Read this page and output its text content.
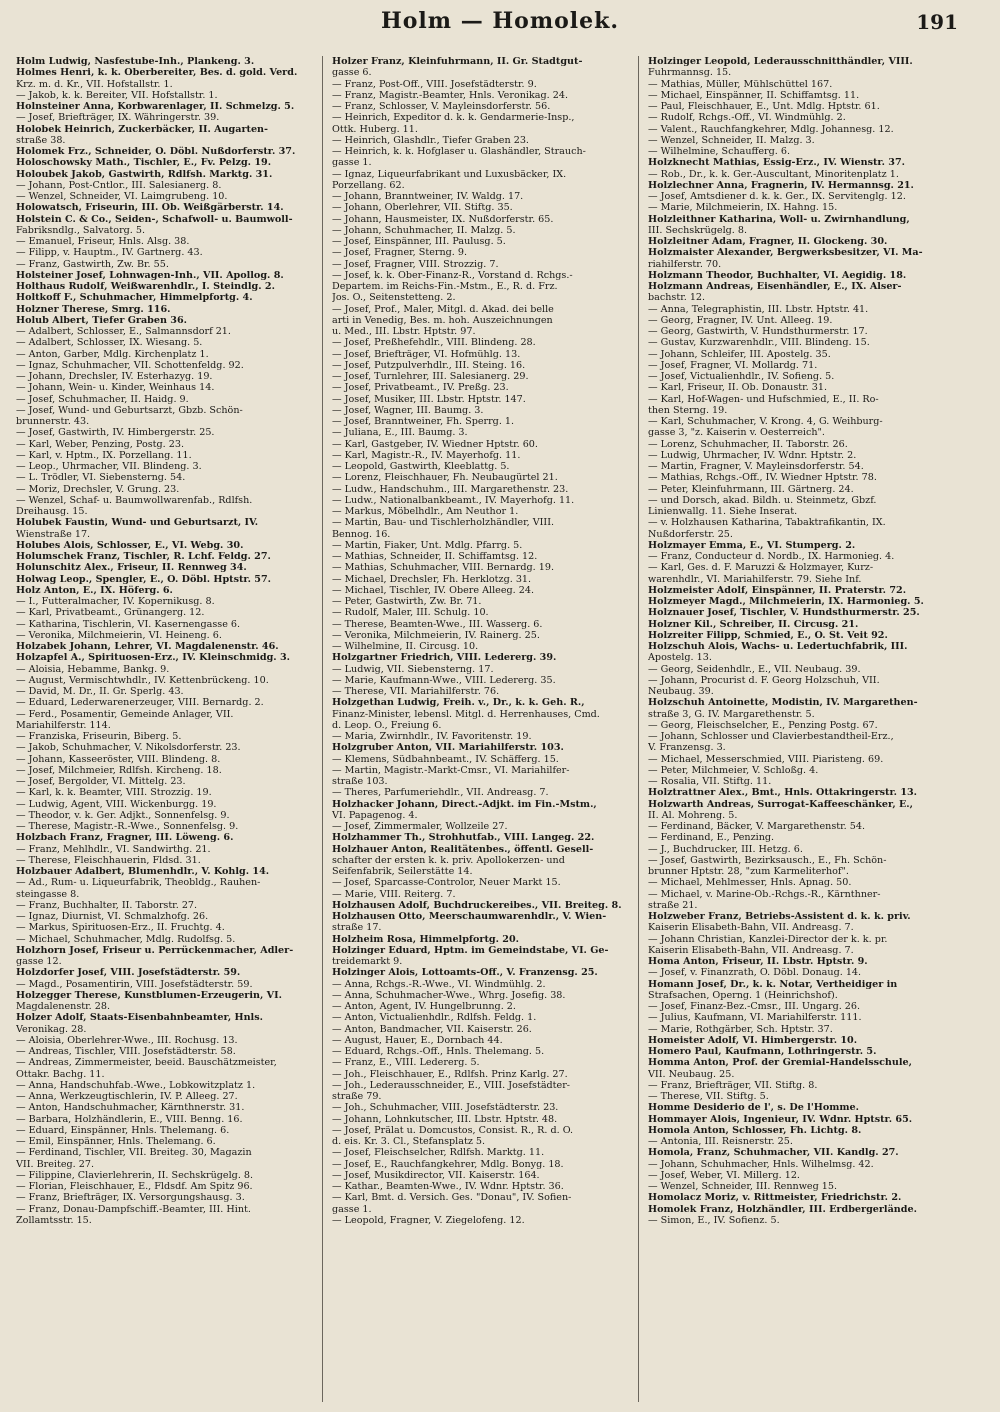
Holm — Homolek.	191
Holm Ludwig, Nasfestube-Inh., Plankeng. 3.
Holmes Henri, k. k. Oberbereiter, Bes. d. gold. Verd.
Krz. m. d. Kr., VII. Hofstallstr. 1.
— Jakob, k. k. Bereiter, VII. Hofstallstr. 1.
Holnsteiner Anna, Korbwarenlager, II. Schmelzg. 5.
— Josef, Briefträger, IX. Währingerstr. 39.
Holobek Heinrich, Zuckerbäcker, II. Augarten-
straße 38.
Holomek Frz., Schneider, O. Döbl. Nußdorferstr. 37.
Holoschowsky Math., Tischler, E., Fv. Pelzg. 19.
Holoubek Jakob, Gastwirth, Rdlfsh. Marktg. 31.
— Johann, Post-Cntlor., III. Salesianerg. 8.
— Wenzel, Schneider, VI. Laimgrubeng. 10.
Holowatsch, Friseurin, III. Ob. Weißgärberstr. 14.
Holstein C. & Co., Seiden-, Schafwoll- u. Baumwoll-
Fabriksndlg., Salvatorg. 5.
— Emanuel, Friseur, Hnls. Alsg. 38.
— Filipp, v. Hauptm., IV. Gartnerg. 43.
— Franz, Gastwirth, Zw. Br. 55.
Holsteiner Josef, Lohnwagen-Inh., VII. Apollog. 8.
Holthaus Rudolf, Weißwarenhdlr., I. Steindlg. 2.
Holtkoff F., Schuhmacher, Himmelpfortg. 4.
Holzner Therese, Smrg. 116.
Holub Albert, Tiefer Graben 36.
— Adalbert, Schlosser, E., Salmannsdorf 21.
— Adalbert, Schlosser, IX. Wiesang. 5.
— Anton, Garber, Mdlg. Kirchenplatz 1.
— Ignaz, Schuhmacher, VII. Schottenfeldg. 92.
— Johann, Drechsler, IV. Esterhazyg. 19.
— Johann, Wein- u. Kinder, Weinhaus 14.
— Josef, Schuhmacher, II. Haidg. 9.
— Josef, Wund- und Geburtsarzt, Gbzb. Schön-
brunnerstr. 43.
— Josef, Gastwirth, IV. Himbergerstr. 25.
— Karl, Weber, Penzing, Postg. 23.
— Karl, v. Hptm., IX. Porzellang. 11.
— Leop., Uhrmacher, VII. Blindeng. 3.
— L. Trödler, VI. Siebensterng. 54.
— Moriz, Drechsler, V. Grung. 23.
— Wenzel, Schaf- u. Baumwollwarenfab., Rdlfsh.
Dreihausg. 15.
Holubek Faustin, Wund- und Geburtsarzt, IV.
Wienstraße 17.
Holubes Alois, Schlosser, E., VI. Webg. 30.
Holumschek Franz, Tischler, R. Lchf. Feldg. 27.
Holunschitz Alex., Friseur, II. Rennweg 34.
Holwag Leop., Spengler, E., O. Döbl. Hptstr. 57.
Holz Anton, E., IX. Höferg. 6.
— I., Futteralmacher, IV. Kopernikusg. 8.
— Karl, Privatbeamt., Grünangerg. 12.
— Katharina, Tischlerin, VI. Kasernengasse 6.
— Veronika, Milchmeierin, VI. Heineng. 6.
Holzabek Johann, Lehrer, VI. Magdalenenstr. 46.
Holzapfel A., Spirituosen-Erz., IV. Kleinschmidg. 3.
— Aloisia, Hebamme, Bankg. 9.
— August, Vermischtwhdlr., IV. Kettenbrückeng. 10.
— David, M. Dr., II. Gr. Sperlg. 43.
— Eduard, Lederwarenerzeuger, VIII. Bernardg. 2.
— Ferd., Posamentir, Gemeinde Anlager, VII.
Mariahilferstr. 114.
— Franziska, Friseurin, Biberg. 5.
— Jakob, Schuhmacher, V. Nikolsdorferstr. 23.
— Johann, Kasseeröster, VIII. Blindeng. 8.
— Josef, Milchmeier, Rdlfsh. Kircheng. 18.
— Josef, Bergolder, VI. Mittelg. 23.
— Karl, k. k. Beamter, VIII. Strozzig. 19.
— Ludwig, Agent, VIII. Wickenburgg. 19.
— Theodor, v. k. Ger. Adjkt., Sonnenfelsg. 9.
— Therese, Magistr.-R.-Wwe., Sonnenfelsg. 9.
Holzbach Franz, Fragner, III. Löweng. 6.
— Franz, Mehlhdlr., VI. Sandwirthg. 21.
— Therese, Fleischhauerin, Fldsd. 31.
Holzbauer Adalbert, Blumenhdlr., V. Kohlg. 14.
— Ad., Rum- u. Liqueurfabrik, Theobldg., Rauhen-
steingasse 8.
— Franz, Buchhalter, II. Taborstr. 27.
— Ignaz, Diurnist, VI. Schmalzhofg. 26.
— Markus, Spirituosen-Erz., II. Fruchtg. 4.
— Michael, Schuhmacher, Mdlg. Rudolfsg. 5.
Holzhorn Josef, Friseur u. Perrückenmacher, Adler-
gasse 12.
Holzdorfer Josef, VIII. Josefstädterstr. 59.
— Magd., Posamentirin, VIII. Josefstädterstr. 59.
Holzegger Therese, Kunstblumen-Erzeugerin, VI.
Magdalenenstr. 28.
Holzer Adolf, Staats-Eisenbahnbeamter, Hnls.
Veronikag. 28.
— Aloisia, Oberlehrer-Wwe., III. Rochusg. 13.
— Andreas, Tischler, VIII. Josefstädterstr. 58.
— Andreas, Zimmermeister, beeid. Bauschätzmeister,
Ottakr. Bachg. 11.
— Anna, Handschuhfab.-Wwe., Lobkowitzplatz 1.
— Anna, Werkzeugtischlerin, IV. P. Alleeg. 27.
— Anton, Handschuhmacher, Kärnthnerstr. 31.
— Barbara, Holzhändlerin, E., VIII. Benng. 16.
— Eduard, Einspänner, Hnls. Thelemang. 6.
— Emil, Einspänner, Hnls. Thelemang. 6.
— Ferdinand, Tischler, VII. Breiteg. 30, Magazin
VII. Breiteg. 27.
— Filippine, Clavierlehrerin, II. Sechskrügelg. 8.
— Florian, Fleischhauer, E., Fldsdf. Am Spitz 96.
— Franz, Briefträger, IX. Versorgungshausg. 3.
— Franz, Donau-Dampfschiff.-Beamter, III. Hint.
Zollamtsstr. 15.
Holzer Franz, Kleinfuhrmann, II. Gr. Stadtgut-
gasse 6.
— Franz, Post-Off., VIII. Josefstädterstr. 9.
— Franz, Magistr.-Beamter, Hnls. Veronikag. 24.
— Franz, Schlosser, V. Mayleinsdorferstr. 56.
— Heinrich, Expeditor d. k. k. Gendarmerie-Insp.,
Ottk. Huberg. 11.
— Heinrich, Glashdlr., Tiefer Graben 23.
— Heinrich, k. k. Hofglaser u. Glashändler, Strauch-
gasse 1.
— Ignaz, Liqueurfabrikant und Luxusbäcker, IX.
Porzellang. 62.
— Johann, Branntweiner, IV. Waldg. 17.
— Johann, Oberlehrer, VII. Stiftg. 35.
— Johann, Hausmeister, IX. Nußdorferstr. 65.
— Johann, Schuhmacher, II. Malzg. 5.
— Josef, Einspänner, III. Paulusg. 5.
— Josef, Fragner, Sterng. 9.
— Josef, Fragner, VIII. Strozzig. 7.
— Josef, k. k. Ober-Finanz-R., Vorstand d. Rchgs.-
Departem. im Reichs-Fin.-Mstm., E., R. d. Frz.
Jos. O., Seitenstetteng. 2.
— Josef, Prof., Maler, Mitgl. d. Akad. dei belle
arti in Venedig, Bes. m. hoh. Auszeichnungen
u. Med., III. Lbstr. Hptstr. 97.
— Josef, Preßhefehdlr., VIII. Blindeng. 28.
— Josef, Briefträger, VI. Hofmühlg. 13.
— Josef, Putzpulverhdlr., III. Steing. 16.
— Josef, Turnlehrer, III. Salesianerg. 29.
— Josef, Privatbeamt., IV. Preßg. 23.
— Josef, Musiker, III. Lbstr. Hptstr. 147.
— Josef, Wagner, III. Baumg. 3.
— Josef, Branntweiner, Fh. Sperrg. 1.
— Juliana, E., III. Baumg. 3.
— Karl, Gastgeber, IV. Wiedner Hptstr. 60.
— Karl, Magistr.-R., IV. Mayerhofg. 11.
— Leopold, Gastwirth, Kleeblattg. 5.
— Lorenz, Fleischhauer, Fh. Neubaugürtel 21.
— Ludw., Handschuhm., III. Margarethenstr. 23.
— Ludw., Nationalbankbeamt., IV. Mayerhofg. 11.
— Markus, Möbelhdlr., Am Neuthor 1.
— Martin, Bau- und Tischlerholzhändler, VIII.
Bennog. 16.
— Martin, Fiaker, Unt. Mdlg. Pfarrg. 5.
— Mathias, Schneider, II. Schiffamtsg. 12.
— Mathias, Schuhmacher, VIII. Bernardg. 19.
— Michael, Drechsler, Fh. Herklotzg. 31.
— Michael, Tischler, IV. Obere Alleeg. 24.
— Peter, Gastwirth, Zw. Br. 71.
— Rudolf, Maler, III. Schulg. 10.
— Therese, Beamten-Wwe., III. Wasserg. 6.
— Veronika, Milchmeierin, IV. Rainerg. 25.
— Wilhelmine, II. Circusg. 10.
Holzgartner Friedrich, VIII. Ledererg. 39.
— Ludwig, VII. Siebensterng. 17.
— Marie, Kaufmann-Wwe., VIII. Ledererg. 35.
— Therese, VII. Mariahilferstr. 76.
Holzgethan Ludwig, Freih. v., Dr., k. k. Geh. R.,
Finanz-Minister, lebensl. Mitgl. d. Herrenhauses, Cmd.
d. Leop. O., Freiung 6.
— Maria, Zwirnhdlr., IV. Favoritenstr. 19.
Holzgruber Anton, VII. Mariahilferstr. 103.
— Klemens, Südbahnbeamt., IV. Schäfferg. 15.
— Martin, Magistr.-Markt-Cmsr., VI. Mariahilfer-
straße 103.
— Theres, Parfumeriehdlr., VII. Andreasg. 7.
Holzhacker Johann, Direct.-Adjkt. im Fin.-Mstm.,
VI. Papagenog. 4.
— Josef, Zimmermaler, Wollzeile 27.
Holzhammer Th., Strohhutfab., VIII. Langeg. 22.
Holzhauer Anton, Realitätenbes., öffentl. Gesell-
schafter der ersten k. k. priv. Apollokerzen- und
Seifenfabrik, Seilerstätte 14.
— Josef, Sparcasse-Controlor, Neuer Markt 15.
— Marie, VIII. Reiterg. 7.
Holzhausen Adolf, Buchdruckereibes., VII. Breiteg. 8.
Holzhausen Otto, Meerschaumwarenhdlr., V. Wien-
straße 17.
Holzheim Rosa, Himmelpfortg. 20.
Holzinger Eduard, Hptm. im Gemeindstabe, VI. Ge-
treidemarkt 9.
Holzinger Alois, Lottoamts-Off., V. Franzensg. 25.
— Anna, Rchgs.-R.-Wwe., VI. Windmühlg. 2.
— Anna, Schuhmacher-Wwe., Whrg. Josefig. 38.
— Anton, Agent, IV. Hungelbrunng. 2.
— Anton, Victualienhdlr., Rdlfsh. Feldg. 1.
— Anton, Bandmacher, VII. Kaiserstr. 26.
— August, Hauer, E., Dornbach 44.
— Eduard, Rchgs.-Off., Hnls. Thelemang. 5.
— Franz, E., VIII. Ledererg. 5.
— Joh., Fleischhauer, E., Rdlfsh. Prinz Karlg. 27.
— Joh., Lederausschneider, E., VIII. Josefstädter-
straße 79.
— Joh., Schuhmacher, VIII. Josefstädterstr. 23.
— Johann, Lohnkutscher, III. Lbstr. Hptstr. 48.
— Josef, Prälat u. Domcustos, Consist. R., R. d. O.
d. eis. Kr. 3. Cl., Stefansplatz 5.
— Josef, Fleischselcher, Rdlfsh. Marktg. 11.
— Josef, E., Rauchfangkehrer, Mdlg. Bonyg. 18.
— Josef, Musikdirector, VII. Kaiserstr. 164.
— Kathar., Beamten-Wwe., IV. Wdnr. Hptstr. 36.
— Karl, Bmt. d. Versich. Ges. "Donau", IV. Sofien-
gasse 1.
— Leopold, Fragner, V. Ziegelofeng. 12.
Holzinger Leopold, Lederausschnitthändler, VIII.
Fuhrmannsg. 15.
— Mathias, Müller, Mühlschüttel 167.
— Michael, Einspänner, II. Schiffamtsg. 11.
— Paul, Fleischhauer, E., Unt. Mdlg. Hptstr. 61.
— Rudolf, Rchgs.-Off., VI. Windmühlg. 2.
— Valent., Rauchfangkehrer, Mdlg. Johannesg. 12.
— Wenzel, Schneider, II. Malzg. 3.
— Wilhelmine, Schaufferg. 6.
Holzknecht Mathias, Essig-Erz., IV. Wienstr. 37.
— Rob., Dr., k. k. Ger.-Auscultant, Minoritenplatz 1.
Holzlechner Anna, Fragnerin, IV. Hermannsg. 21.
— Josef, Amtsdiener d. k. k. Ger., IX. Servitenglg. 12.
— Marie, Milchmeierin, IX. Hahng. 15.
Holzleithner Katharina, Woll- u. Zwirnhandlung,
III. Sechskrügelg. 8.
Holzleitner Adam, Fragner, II. Glockeng. 30.
Holzmaister Alexander, Bergwerksbesitzer, VI. Ma-
riahilferstr. 70.
Holzmann Theodor, Buchhalter, VI. Aegidig. 18.
Holzmann Andreas, Eisenhändler, E., IX. Alser-
bachstr. 12.
— Anna, Telegraphistin, III. Lbstr. Hptstr. 41.
— Georg, Fragner, IV. Unt. Alleeg. 19.
— Georg, Gastwirth, V. Hundsthurmerstr. 17.
— Gustav, Kurzwarenhdlr., VIII. Blindeng. 15.
— Johann, Schleifer, III. Apostelg. 35.
— Josef, Fragner, VI. Mollardg. 71.
— Josef, Victualienhdlr., IV. Sofieng. 5.
— Karl, Friseur, II. Ob. Donaustr. 31.
— Karl, Hof-Wagen- und Hufschmied, E., II. Ro-
then Sterng. 19.
— Karl, Schuhmacher, V. Krong. 4, G. Weihburg-
gasse 3, "z. Kaiserin v. Oesterreich".
— Lorenz, Schuhmacher, II. Taborstr. 26.
— Ludwig, Uhrmacher, IV. Wdnr. Hptstr. 2.
— Martin, Fragner, V. Mayleinsdorferstr. 54.
— Mathias, Rchgs.-Off., IV. Wiedner Hptstr. 78.
— Peter, Kleinfuhrmann, III. Gärtnerg. 24.
— und Dorsch, akad. Bildh. u. Steinmetz, Gbzf.
Linienwallg. 11. Siehe Inserat.
— v. Holzhausen Katharina, Tabaktrafikantin, IX.
Nußdorferstr. 25.
Holzmayer Emma, E., VI. Stumperg. 2.
— Franz, Conducteur d. Nordb., IX. Harmonieg. 4.
— Karl, Ges. d. F. Maruzzi & Holzmayer, Kurz-
warenhdlr., VI. Mariahilferstr. 79. Siehe Inf.
Holzmeister Adolf, Einspänner, II. Praterstr. 72.
Holzmeyer Magd., Milchmeierin, IX. Harmonieg. 5.
Holznauer Josef, Tischler, V. Hundsthurmerstr. 25.
Holzner Kil., Schreiber, II. Circusg. 21.
Holzreiter Filipp, Schmied, E., O. St. Veit 92.
Holzschuh Alois, Wachs- u. Ledertuchfabrik, III.
Apostelg. 13.
— Georg, Seidenhdlr., E., VII. Neubaug. 39.
— Johann, Procurist d. F. Georg Holzschuh, VII.
Neubaug. 39.
Holzschuh Antoinette, Modistin, IV. Margarethen-
straße 3, G. IV. Margarethenstr. 5.
— Georg, Fleischselcher, E., Penzing Postg. 67.
— Johann, Schlosser und Clavierbestandtheil-Erz.,
V. Franzensg. 3.
— Michael, Messerschmied, VIII. Piaristeng. 69.
— Peter, Milchmeier, V. Schloßg. 4.
— Rosalia, VII. Stiftg. 11.
Holztrattner Alex., Bmt., Hnls. Ottakringerstr. 13.
Holzwarth Andreas, Surrogat-Kaffeeschänker, E.,
II. Al. Mohreng. 5.
— Ferdinand, Bäcker, V. Margarethenstr. 54.
— Ferdinand, E., Penzing.
— J., Buchdrucker, III. Hetzg. 6.
— Josef, Gastwirth, Bezirksausch., E., Fh. Schön-
brunner Hptstr. 28, "zum Karmeliterhof".
— Michael, Mehlmesser, Hnls. Apnag. 50.
— Michael, v. Marine-Ob.-Rchgs.-R., Kärnthner-
straße 21.
Holzweber Franz, Betriebs-Assistent d. k. k. priv.
Kaiserin Elisabeth-Bahn, VII. Andreasg. 7.
— Johann Christian, Kanzlei-Director der k. k. pr.
Kaiserin Elisabeth-Bahn, VII. Andreasg. 7.
Homa Anton, Friseur, II. Lbstr. Hptstr. 9.
— Josef, v. Finanzrath, O. Döbl. Donaug. 14.
Homann Josef, Dr., k. k. Notar, Vertheidiger in
Strafsachen, Operng. 1 (Heinrichshof).
— Josef, Finanz-Bez.-Cmsr., III. Ungarg. 26.
— Julius, Kaufmann, VI. Mariahilferstr. 111.
— Marie, Rothgärber, Sch. Hptstr. 37.
Homeister Adolf, VI. Himbergerstr. 10.
Homero Paul, Kaufmann, Lothringerstr. 5.
Homma Anton, Prof. der Gremial-Handelsschule,
VII. Neubaug. 25.
— Franz, Briefträger, VII. Stiftg. 8.
— Therese, VII. Stiftg. 5.
Homme Desiderio de l', s. De l'Homme.
Hommayer Alois, Ingenieur, IV. Wdnr. Hptstr. 65.
Homola Anton, Schlosser, Fh. Lichtg. 8.
— Antonia, III. Reisnerstr. 25.
Homola, Franz, Schuhmacher, VII. Kandlg. 27.
— Johann, Schuhmacher, Hnls. Wilhelmsg. 42.
— Josef, Weber, VI. Millerg. 12.
— Wenzel, Schneider, III. Rennweg 15.
Homolacz Moriz, v. Rittmeister, Friedrichstr. 2.
Homolek Franz, Holzhändler, III. Erdbergerlände.
— Simon, E., IV. Sofienz. 5.
